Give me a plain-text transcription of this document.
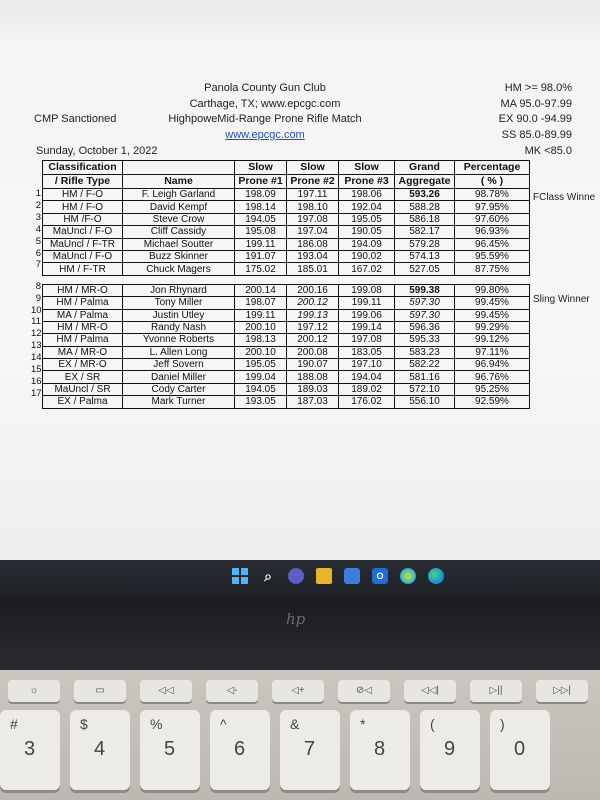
Panola County Gun Club
Carthage, TX; www.epcgc.com
HighpoweMid-Range Prone Rifle Match
www.epcgc.com
CMP Sanctioned
Sunday, October 1, 2022
HM >= 98.0%
MA 95.0-97.99
EX 90.0 -94.99
SS 85.0-89.99
MK <85.0
Classification		Slow	Slow	Slow	Grand	Percentage
/ Rifle Type	Name	Prone #1	Prone #2	Prone #3	Aggregate	( % )
HM / F-O	F. Leigh Garland	198.09	197.11	198.06	593.26	98.78%
HM / F-O	David Kempf	198.14	198.10	192.04	588.28	97.95%
HM /F-O	Steve Crow	194.05	197.08	195.05	586.18	97.60%
MaUncl / F-O	Cliff Cassidy	195.08	197.04	190.05	582.17	96.93%
MaUncl / F-TR	Michael Soutter	199.11	186.08	194.09	579.28	96.45%
MaUncl / F-O	Buzz Skinner	191.07	193.04	190.02	574.13	95.59%
HM / F-TR	Chuck Magers	175.02	185.01	167.02	527.05	87.75%

HM / MR-O	Jon Rhynard	200.14	200.16	199.08	599.38	99.80%
HM / Palma	Tony Miller	198.07	200.12	199.11	597.30	99.45%
MA / Palma	Justin Utley	199.11	199.13	199.06	597.30	99.45%
HM / MR-O	Randy Nash	200.10	197.12	199.14	596.36	99.29%
HM / Palma	Yvonne Roberts	198.13	200.12	197.08	595.33	99.12%
MA / MR-O	L. Allen Long	200.10	200.08	183.05	583.23	97.11%
EX / MR-O	Jeff Sovern	195.05	190.07	197.10	582.22	96.94%
EX / SR	Daniel Miller	199.04	188.08	194.04	581.16	96.76%
MaUncl / SR	Cody Carter	194.05	189.03	189.02	572.10	95.25%
EX / Palma	Mark Turner	193.05	187.03	176.02	556.10	92.59%
1
2
3
4
5
6
7
8
9
10
11
12
13
14
15
16
17
FClass Winne
Sling Winner
⌕	O
hp
☼	▭	◁◁	◁-	◁+	⊘◁	◁◁|	▷||	▷▷|
#
3
$
4
%
5
^
6
&
7
*
8
(
9
)
0
